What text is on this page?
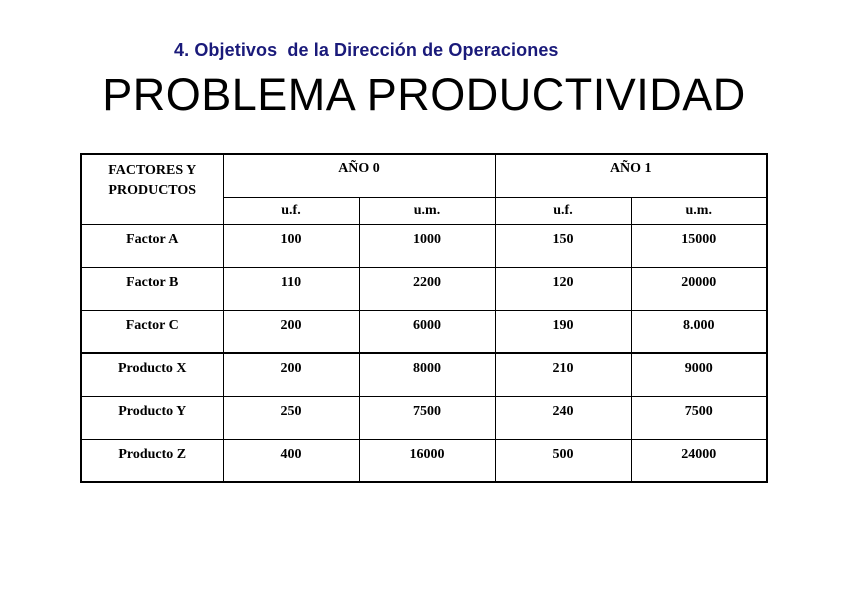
4. Objetivos  de la Dirección de Operaciones
PROBLEMA PRODUCTIVIDAD
FACTORES Y
PRODUCTOS	AÑO 0		AÑO 1	
	u.f.	u.m.	u.f.	u.m.
Factor A	100	1000	150	15000
Factor B	110	2200	120	20000
Factor C	200	6000	190	8.000
Producto X	200	8000	210	9000
Producto Y	250	7500	240	7500
Producto Z	400	16000	500	24000
